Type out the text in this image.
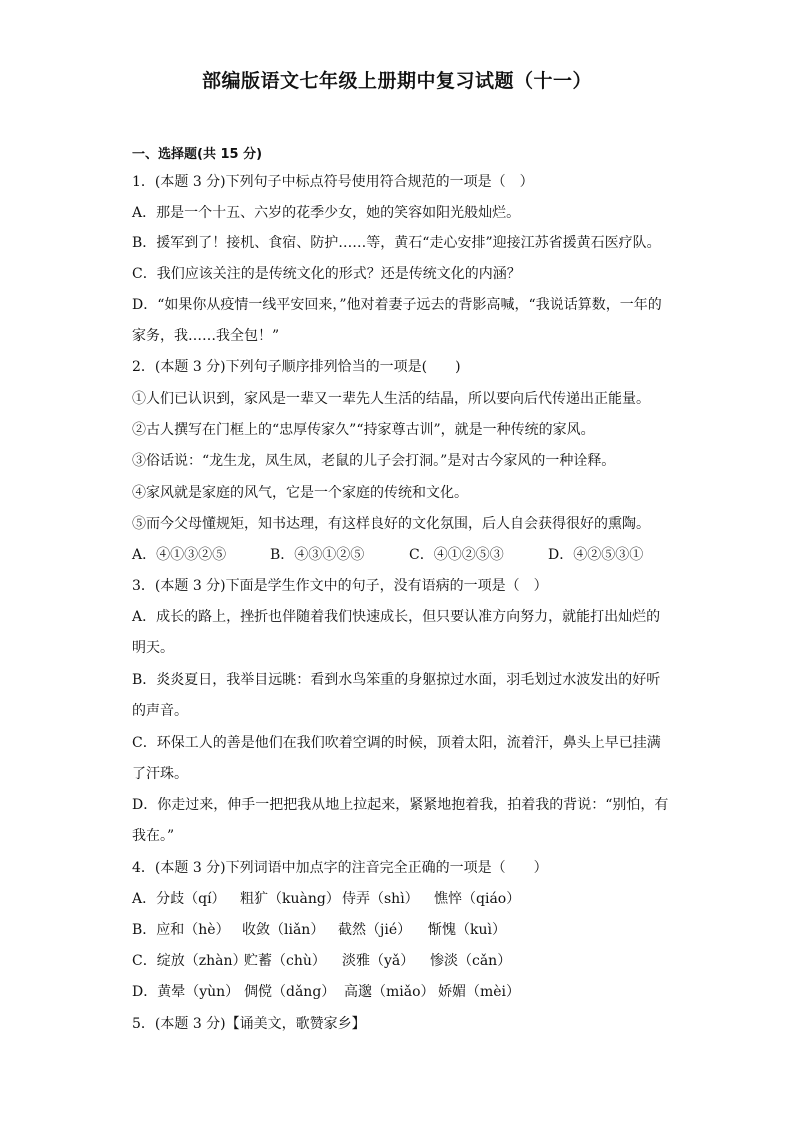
部编版语文七年级上册期中复习试题（十一）
一、选择题(共 15 分)
1．(本题 3 分)下列句子中标点符号使用符合规范的一项是（　）
A．那是一个十五、六岁的花季少女，她的笑容如阳光般灿烂。
B．援军到了！接机、食宿、防护……等，黄石“走心安排”迎接江苏省援黄石医疗队。
C．我们应该关注的是传统文化的形式？还是传统文化的内涵？
D．“如果你从疫情一线平安回来，”他对着妻子远去的背影高喊，“我说话算数，一年的
家务，我……我全包！”
2．(本题 3 分)下列句子顺序排列恰当的一项是(　　)
①人们已认识到，家风是一辈又一辈先人生活的结晶，所以要向后代传递出正能量。
②古人撰写在门框上的“忠厚传家久”“持家尊古训”，就是一种传统的家风。
③俗话说：“龙生龙，凤生凤，老鼠的儿子会打洞。”是对古今家风的一种诠释。
④家风就是家庭的风气，它是一个家庭的传统和文化。
⑤而今父母懂规矩，知书达理，有这样良好的文化氛围，后人自会获得很好的熏陶。
A．④①③②⑤	B．④③①②⑤	C．④①②⑤③	D．④②⑤③①
3．(本题 3 分)下面是学生作文中的句子，没有语病的一项是（　）
A．成长的路上，挫折也伴随着我们快速成长，但只要认准方向努力，就能打出灿烂的
明天。
B．炎炎夏日，我举目远眺：看到水鸟笨重的身躯掠过水面，羽毛划过水波发出的好听
的声音。
C．环保工人的善是他们在我们吹着空调的时候，顶着太阳，流着汗，鼻头上早已挂满
了汗珠。
D．你走过来，伸手一把把我从地上拉起来，紧紧地抱着我，拍着我的背说：“别怕，有
我在。”
4．(本题 3 分)下列词语中加点字的注音完全正确的一项是（　　）
A．分歧（qí） 粗犷（kuàng） 侍弄（shì） 憔悴（qiáo）
B．应和（hè） 收敛（liǎn） 截然（jié） 惭愧（kuì）
C．绽放（zhàn）
贮蓄（chù） 淡雅（yǎ） 惨淡（cǎn）
D．黄晕（yùn） 倜傥（dǎng） 高邈（miǎo） 娇媚（mèi）
5．(本题 3 分)【诵美文，歌赞家乡】
